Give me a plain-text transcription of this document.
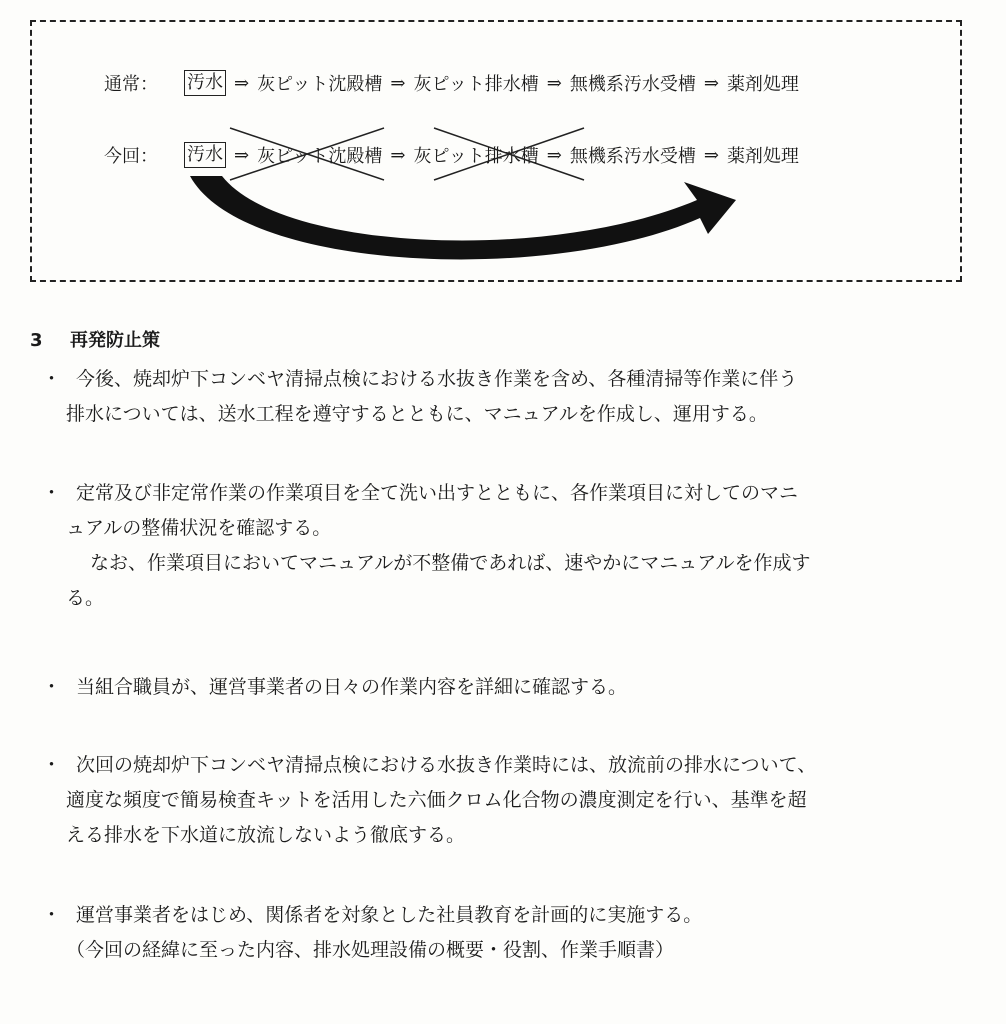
通常：	汚水 ⇒ 灰ピット沈殿槽 ⇒ 灰ピット排水槽 ⇒ 無機系汚水受槽 ⇒ 薬剤処理
今回：	汚水 ⇒ 灰ピット沈殿槽 ⇒ 灰ピット排水槽 ⇒ 無機系汚水受槽 ⇒ 薬剤処理
3 再発防止策

・ 今後、焼却炉下コンベヤ清掃点検における水抜き作業を含め、各種清掃等作業に伴う

排水については、送水工程を遵守するとともに、マニュアルを作成し、運用する。

・ 定常及び非定常作業の作業項目を全て洗い出すとともに、各作業項目に対してのマニ

ュアルの整備状況を確認する。

なお、作業項目においてマニュアルが不整備であれば、速やかにマニュアルを作成す

る。

・ 当組合職員が、運営事業者の日々の作業内容を詳細に確認する。

・ 次回の焼却炉下コンベヤ清掃点検における水抜き作業時には、放流前の排水について、

適度な頻度で簡易検査キットを活用した六価クロム化合物の濃度測定を行い、基準を超

える排水を下水道に放流しないよう徹底する。

・ 運営事業者をはじめ、関係者を対象とした社員教育を計画的に実施する。

（今回の経緯に至った内容、排水処理設備の概要・役割、作業手順書）
